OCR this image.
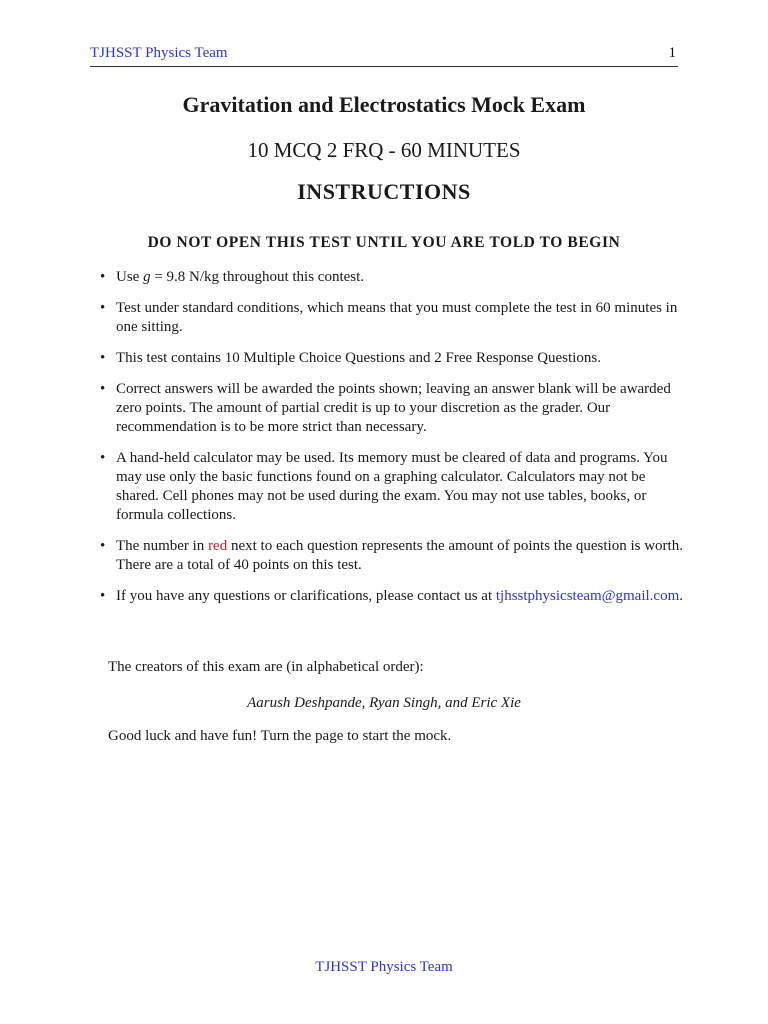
TJHSST Physics Team	1
Gravitation and Electrostatics Mock Exam
10 MCQ 2 FRQ - 60 MINUTES
INSTRUCTIONS
DO NOT OPEN THIS TEST UNTIL YOU ARE TOLD TO BEGIN
• Use g = 9.8 N/kg throughout this contest.
• Test under standard conditions, which means that you must complete the test in 60 minutes in one sitting.
• This test contains 10 Multiple Choice Questions and 2 Free Response Questions.
• Correct answers will be awarded the points shown; leaving an answer blank will be awarded zero points. The amount of partial credit is up to your discretion as the grader. Our recommendation is to be more strict than necessary.
• A hand-held calculator may be used. Its memory must be cleared of data and programs. You may use only the basic functions found on a graphing calculator. Calculators may not be shared. Cell phones may not be used during the exam. You may not use tables, books, or formula collections.
• The number in red next to each question represents the amount of points the question is worth. There are a total of 40 points on this test.
• If you have any questions or clarifications, please contact us at tjhsstphysicsteam@gmail.com.
The creators of this exam are (in alphabetical order):
Aarush Deshpande, Ryan Singh, and Eric Xie
Good luck and have fun! Turn the page to start the mock.
TJHSST Physics Team
